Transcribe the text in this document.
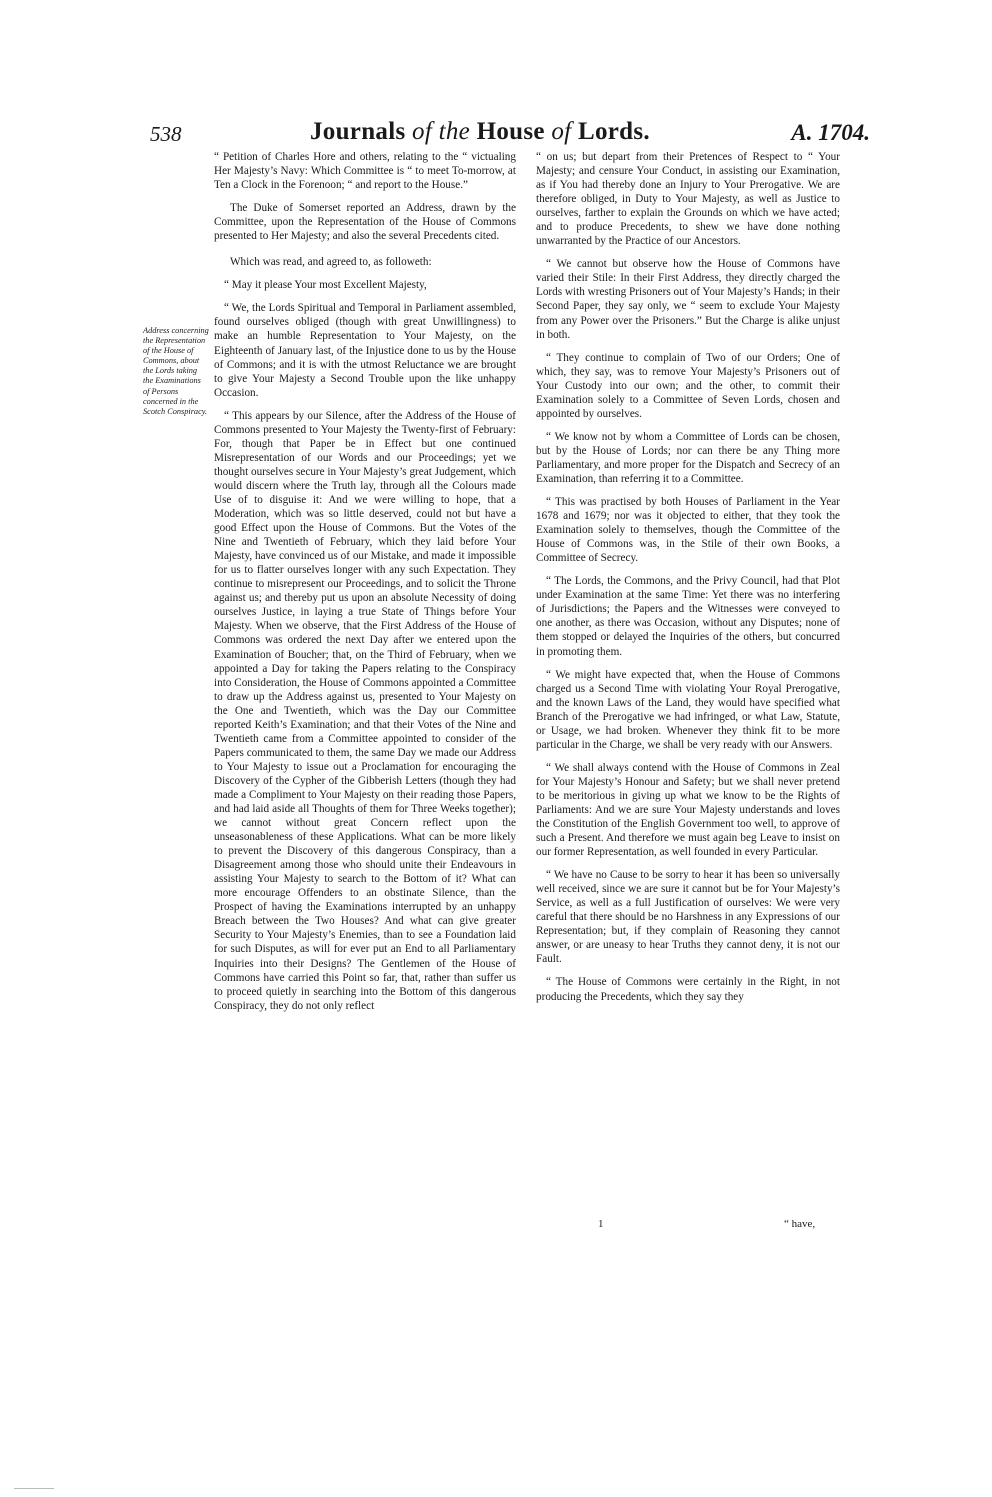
538	Journals of the House of Lords.	A. 1704.
Address concerning the Representation of the House of Commons, about the Lords taking the Examinations of Persons concerned in the Scotch Conspiracy.

“ Petition of Charles Hore and others, relating to the “ victualing Her Majesty’s Navy: Which Committee is “ to meet To-morrow, at Ten a Clock in the Forenoon; “ and report to the House.”

The Duke of Somerset reported an Address, drawn by the Committee, upon the Representation of the House of Commons presented to Her Majesty; and also the several Precedents cited.

Which was read, and agreed to, as followeth:

“ May it please Your most Excellent Majesty,

“ We, the Lords Spiritual and Temporal in Parliament assembled, found ourselves obliged (though with great Unwillingness) to make an humble Representation to Your Majesty, on the Eighteenth of January last, of the Injustice done to us by the House of Commons; and it is with the utmost Reluctance we are brought to give Your Majesty a Second Trouble upon the like unhappy Occasion.

“ This appears by our Silence, after the Address of the House of Commons presented to Your Majesty the Twenty-first of February: For, though that Paper be in Effect but one continued Misrepresentation of our Words and our Proceedings; yet we thought ourselves secure in Your Majesty’s great Judgement, which would discern where the Truth lay, through all the Colours made Use of to disguise it: And we were willing to hope, that a Moderation, which was so little deserved, could not but have a good Effect upon the House of Commons. But the Votes of the Nine and Twentieth of February, which they laid before Your Majesty, have convinced us of our Mistake, and made it impossible for us to flatter ourselves longer with any such Expectation. They continue to misrepresent our Proceedings, and to solicit the Throne against us; and thereby put us upon an absolute Necessity of doing ourselves Justice, in laying a true State of Things before Your Majesty. When we observe, that the First Address of the House of Commons was ordered the next Day after we entered upon the Examination of Boucher; that, on the Third of February, when we appointed a Day for taking the Papers relating to the Conspiracy into Consideration, the House of Commons appointed a Committee to draw up the Address against us, presented to Your Majesty on the One and Twentieth, which was the Day our Committee reported Keith’s Examination; and that their Votes of the Nine and Twentieth came from a Committee appointed to consider of the Papers communicated to them, the same Day we made our Address to Your Majesty to issue out a Proclamation for encouraging the Discovery of the Cypher of the Gibberish Letters (though they had made a Compliment to Your Majesty on their reading those Papers, and had laid aside all Thoughts of them for Three Weeks together); we cannot without great Concern reflect upon the unseasonableness of these Applications. What can be more likely to prevent the Discovery of this dangerous Conspiracy, than a Disagreement among those who should unite their Endeavours in assisting Your Majesty to search to the Bottom of it? What can more encourage Offenders to an obstinate Silence, than the Prospect of having the Examinations interrupted by an unhappy Breach between the Two Houses? And what can give greater Security to Your Majesty’s Enemies, than to see a Foundation laid for such Disputes, as will for ever put an End to all Parliamentary Inquiries into their Designs? The Gentlemen of the House of Commons have carried this Point so far, that, rather than suffer us to proceed quietly in searching into the Bottom of this dangerous Conspiracy, they do not only reflect

“ on us; but depart from their Pretences of Respect to “ Your Majesty; and censure Your Conduct, in assisting our Examination, as if You had thereby done an Injury to Your Prerogative. We are therefore obliged, in Duty to Your Majesty, as well as Justice to ourselves, farther to explain the Grounds on which we have acted; and to produce Precedents, to shew we have done nothing unwarranted by the Practice of our Ancestors.

“ We cannot but observe how the House of Commons have varied their Stile: In their First Address, they directly charged the Lords with wresting Prisoners out of Your Majesty’s Hands; in their Second Paper, they say only, we “ seem to exclude Your Majesty from any Power over the Prisoners.” But the Charge is alike unjust in both.

“ They continue to complain of Two of our Orders; One of which, they say, was to remove Your Majesty’s Prisoners out of Your Custody into our own; and the other, to commit their Examination solely to a Committee of Seven Lords, chosen and appointed by ourselves.

“ We know not by whom a Committee of Lords can be chosen, but by the House of Lords; nor can there be any Thing more Parliamentary, and more proper for the Dispatch and Secrecy of an Examination, than referring it to a Committee.

“ This was practised by both Houses of Parliament in the Year 1678 and 1679; nor was it objected to either, that they took the Examination solely to themselves, though the Committee of the House of Commons was, in the Stile of their own Books, a Committee of Secrecy.

“ The Lords, the Commons, and the Privy Council, had that Plot under Examination at the same Time: Yet there was no interfering of Jurisdictions; the Papers and the Witnesses were conveyed to one another, as there was Occasion, without any Disputes; none of them stopped or delayed the Inquiries of the others, but concurred in promoting them.

“ We might have expected that, when the House of Commons charged us a Second Time with violating Your Royal Prerogative, and the known Laws of the Land, they would have specified what Branch of the Prerogative we had infringed, or what Law, Statute, or Usage, we had broken. Whenever they think fit to be more particular in the Charge, we shall be very ready with our Answers.

“ We shall always contend with the House of Commons in Zeal for Your Majesty’s Honour and Safety; but we shall never pretend to be meritorious in giving up what we know to be the Rights of Parliaments: And we are sure Your Majesty understands and loves the Constitution of the English Government too well, to approve of such a Present. And therefore we must again beg Leave to insist on our former Representation, as well founded in every Particular.

“ We have no Cause to be sorry to hear it has been so universally well received, since we are sure it cannot but be for Your Majesty’s Service, as well as a full Justification of ourselves: We were very careful that there should be no Harshness in any Expressions of our Representation; but, if they complain of Reasoning they cannot answer, or are uneasy to hear Truths they cannot deny, it is not our Fault.

“ The House of Commons were certainly in the Right, in not producing the Precedents, which they say they

1	“ have,
